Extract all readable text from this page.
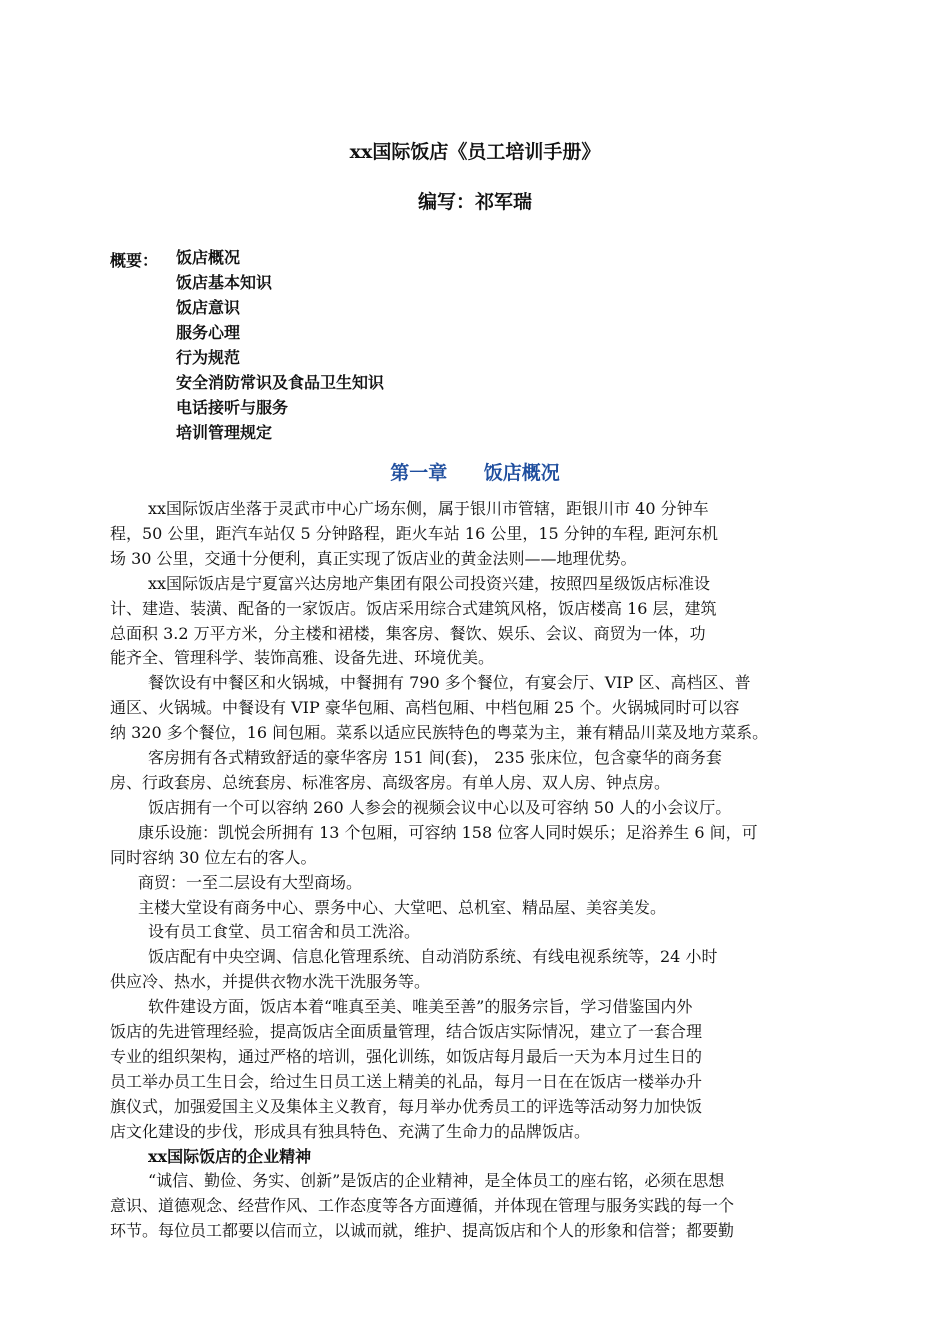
xx国际饭店《员工培训手册》
编写：祁军瑞
概要： 饭店概况
饭店基本知识
饭店意识
服务心理
行为规范
安全消防常识及食品卫生知识
电话接听与服务
培训管理规定
第一章 饭店概况

xx国际饭店坐落于灵武市中心广场东侧，属于银川市管辖，距银川市 40 分钟车

程，50 公里，距汽车站仅 5 分钟路程，距火车站 16 公里，15 分钟的车程, 距河东机

场 30 公里，交通十分便利，真正实现了饭店业的黄金法则——地理优势。

xx国际饭店是宁夏富兴达房地产集团有限公司投资兴建，按照四星级饭店标准设

计、建造、装潢、配备的一家饭店。饭店采用综合式建筑风格，饭店楼高 16 层，建筑

总面积 3.2 万平方米，分主楼和裙楼，集客房、餐饮、娱乐、会议、商贸为一体，功

能齐全、管理科学、装饰高雅、设备先进、环境优美。

餐饮设有中餐区和火锅城，中餐拥有 790 多个餐位，有宴会厅、VIP 区、高档区、普

通区、火锅城。中餐设有 VIP 豪华包厢、高档包厢、中档包厢 25 个。火锅城同时可以容

纳 320 多个餐位，16 间包厢。菜系以适应民族特色的粤菜为主，兼有精品川菜及地方菜系。

客房拥有各式精致舒适的豪华客房 151 间(套)， 235 张床位，包含豪华的商务套

房、行政套房、总统套房、标准客房、高级客房。有单人房、双人房、钟点房。

饭店拥有一个可以容纳 260 人参会的视频会议中心以及可容纳 50 人的小会议厅。

康乐设施：凯悦会所拥有 13 个包厢，可容纳 158 位客人同时娱乐；足浴养生 6 间，可

同时容纳 30 位左右的客人。

商贸：一至二层设有大型商场。

主楼大堂设有商务中心、票务中心、大堂吧、总机室、精品屋、美容美发。

设有员工食堂、员工宿舍和员工洗浴。

饭店配有中央空调、信息化管理系统、自动消防系统、有线电视系统等，24 小时

供应冷、热水，并提供衣物水洗干洗服务等。

软件建设方面，饭店本着“唯真至美、唯美至善”的服务宗旨，学习借鉴国内外

饭店的先进管理经验，提高饭店全面质量管理，结合饭店实际情况，建立了一套合理

专业的组织架构，通过严格的培训，强化训练，如饭店每月最后一天为本月过生日的

员工举办员工生日会，给过生日员工送上精美的礼品，每月一日在在饭店一楼举办升

旗仪式，加强爱国主义及集体主义教育，每月举办优秀员工的评选等活动努力加快饭

店文化建设的步伐，形成具有独具特色、充满了生命力的品牌饭店。

xx国际饭店的企业精神

“诚信、勤俭、务实、创新”是饭店的企业精神，是全体员工的座右铭，必须在思想

意识、道德观念、经营作风、工作态度等各方面遵循，并体现在管理与服务实践的每一个

环节。每位员工都要以信而立，以诚而就，维护、提高饭店和个人的形象和信誉；都要勤
